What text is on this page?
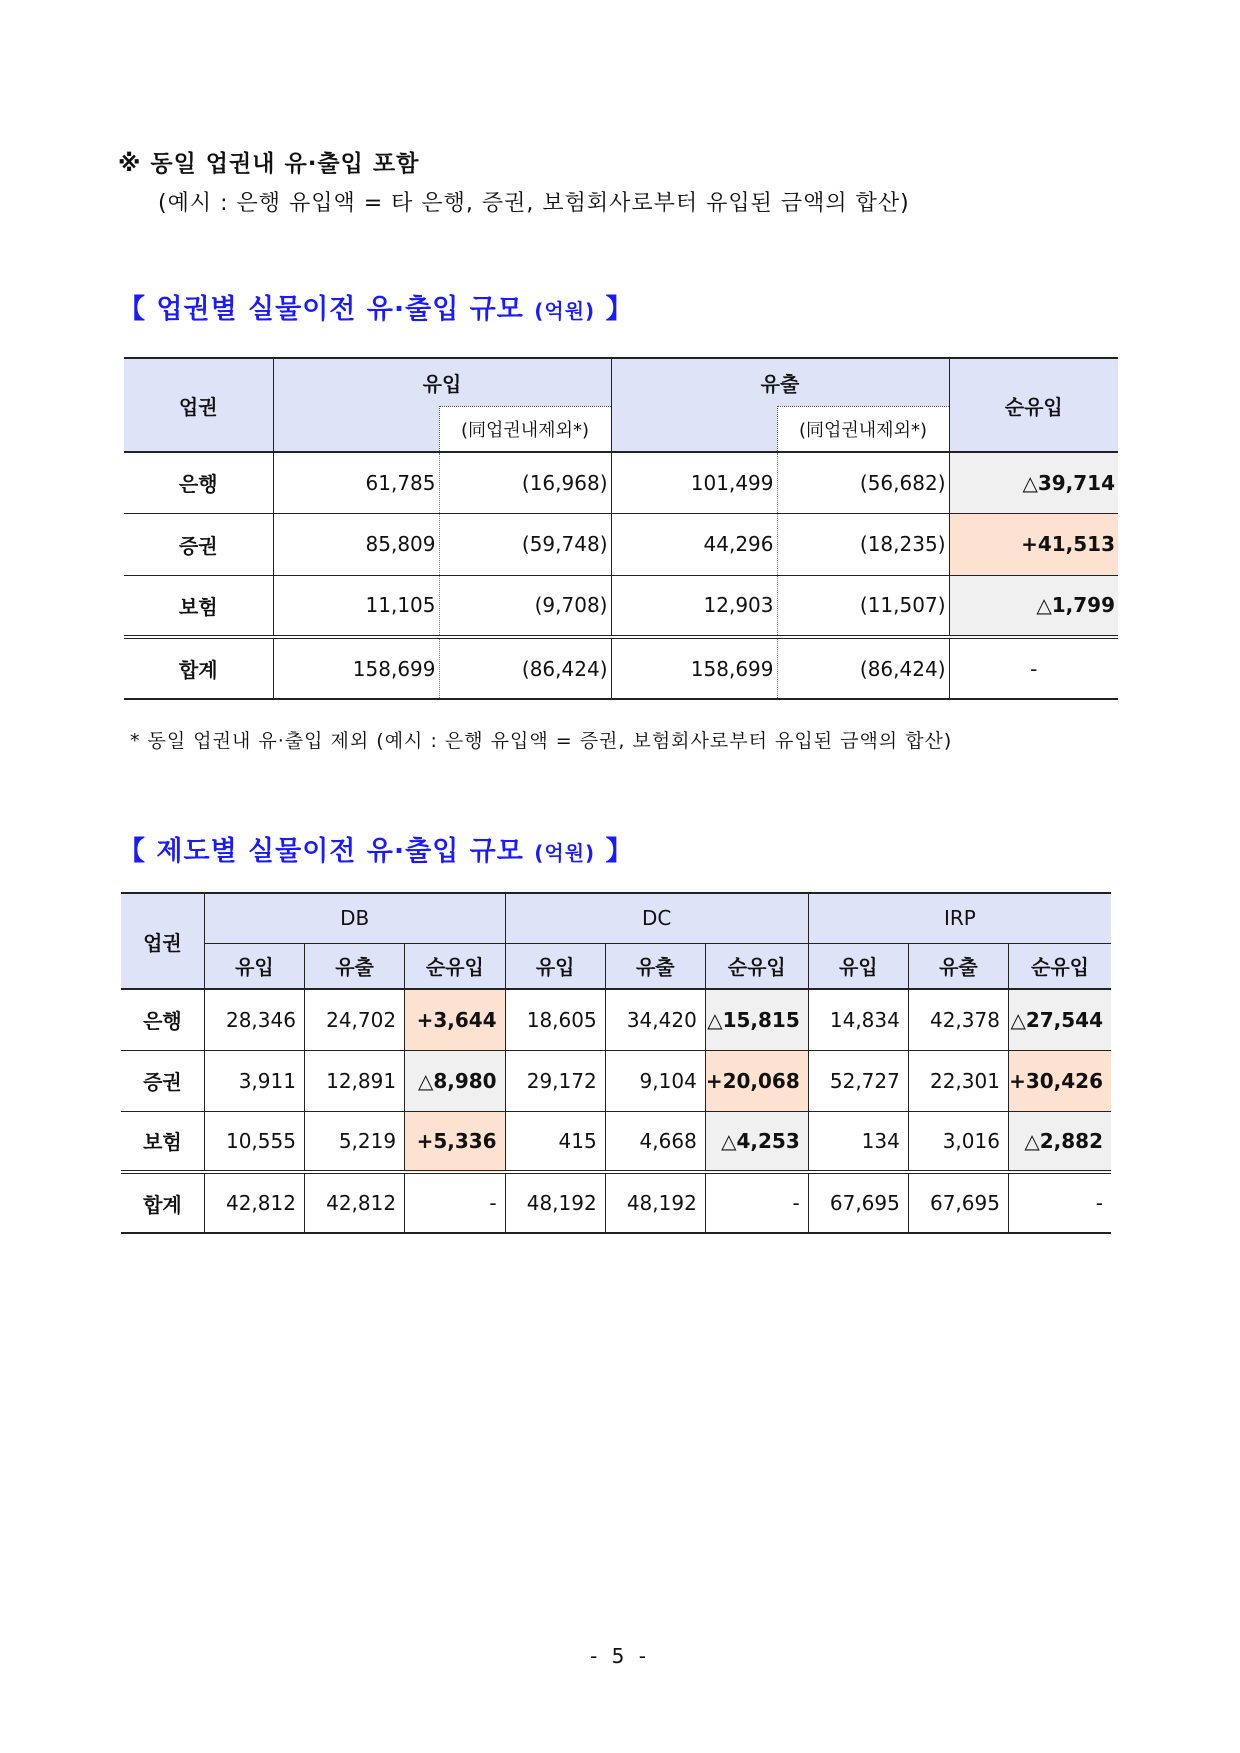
※ 동일 업권내 유·출입 포함
(예시 : 은행 유입액 = 타 은행, 증권, 보험회사로부터 유입된 금액의 합산)
【 업권별 실물이전 유·출입 규모 (억원) 】
업권	유입		유출		순유입
		(同업권내제외*)		(同업권내제외*)	
은행	61,785	(16,968)	101,499	(56,682)	△39,714
증권	85,809	(59,748)	44,296	(18,235)	+41,513
보험	11,105	(9,708)	12,903	(11,507)	△1,799
합계	158,699	(86,424)	158,699	(86,424)	-
* 동일 업권내 유·출입 제외 (예시 : 은행 유입액 = 증권, 보험회사로부터 유입된 금액의 합산)
【 제도별 실물이전 유·출입 규모 (억원) 】
업권	DB			DC			IRP		
	유입	유출	순유입	유입	유출	순유입	유입	유출	순유입
은행	28,346	24,702	+3,644	18,605	34,420	△15,815	14,834	42,378	△27,544
증권	3,911	12,891	△8,980	29,172	9,104	+20,068	52,727	22,301	+30,426
보험	10,555	5,219	+5,336	415	4,668	△4,253	134	3,016	△2,882
합계	42,812	42,812	-	48,192	48,192	-	67,695	67,695	-
- 5 -
